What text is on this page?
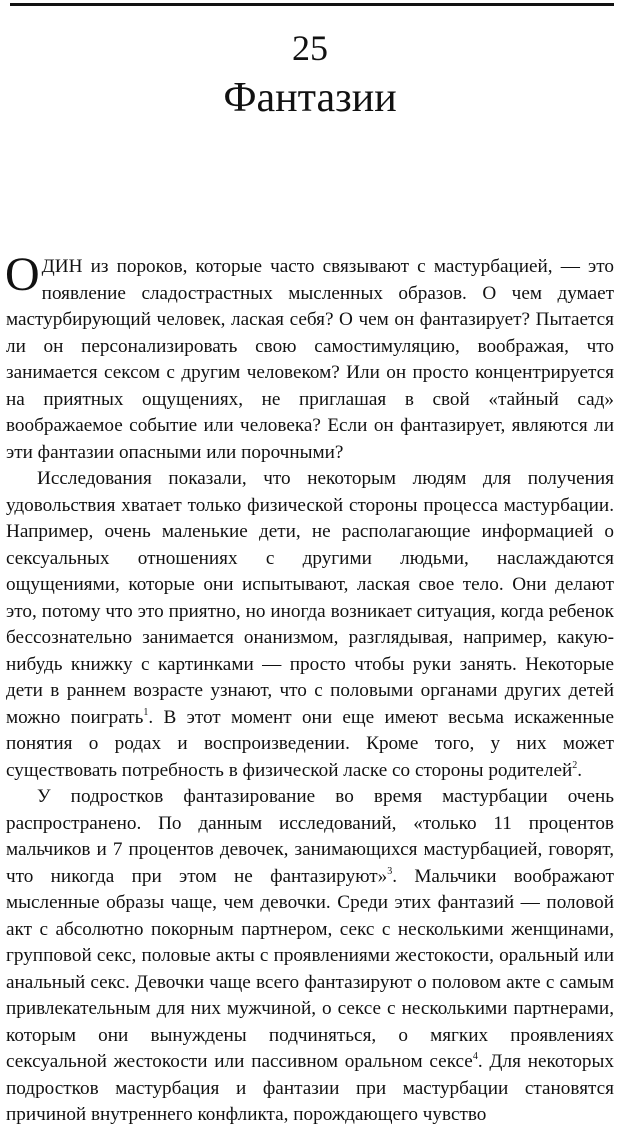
25
Фантазии

ОДИН из пороков, которые часто связывают с мастурбацией, — это появление сладострастных мысленных образов. О чем думает мастурбирующий человек, лаская себя? О чем он фантазирует? Пытается ли он персонализировать свою самостимуляцию, воображая, что занимается сексом с другим человеком? Или он просто концентрируется на приятных ощущениях, не приглашая в свой «тайный сад» воображаемое событие или человека? Если он фантазирует, являются ли эти фантазии опасными или порочными?

Исследования показали, что некоторым людям для получения удовольствия хватает только физической стороны процесса мастурбации. Например, очень маленькие дети, не располагающие информацией о сексуальных отношениях с другими людьми, наслаждаются ощущениями, которые они испытывают, лаская свое тело. Они делают это, потому что это приятно, но иногда возникает ситуация, когда ребенок бессознательно занимается онанизмом, разглядывая, например, какую-нибудь книжку с картинками — просто чтобы руки занять. Некоторые дети в раннем возрасте узнают, что с половыми органами других детей можно поиграть$^1$. В этот момент они еще имеют весьма искаженные понятия о родах и воспроизведении. Кроме того, у них может существовать потребность в физической ласке со стороны родителей$^2$.

У подростков фантазирование во время мастурбации очень распространено. По данным исследований, «только 11 процентов мальчиков и 7 процентов девочек, занимающихся мастурбацией, говорят, что никогда при этом не фантазируют»$^3$. Мальчики воображают мысленные образы чаще, чем девочки. Среди этих фантазий — половой акт с абсолютно покорным партнером, секс с несколькими женщинами, групповой секс, половые акты с проявлениями жестокости, оральный или анальный секс. Девочки чаще всего фантазируют о половом акте с самым привлекательным для них мужчиной, о сексе с несколькими партнерами, которым они вынуждены подчиняться, о мягких проявлениях сексуальной жестокости или пассивном оральном сексе$^4$. Для некоторых подростков мастурбация и фантазии при мастурбации становятся причиной внутреннего конфликта, порождающего чувство
